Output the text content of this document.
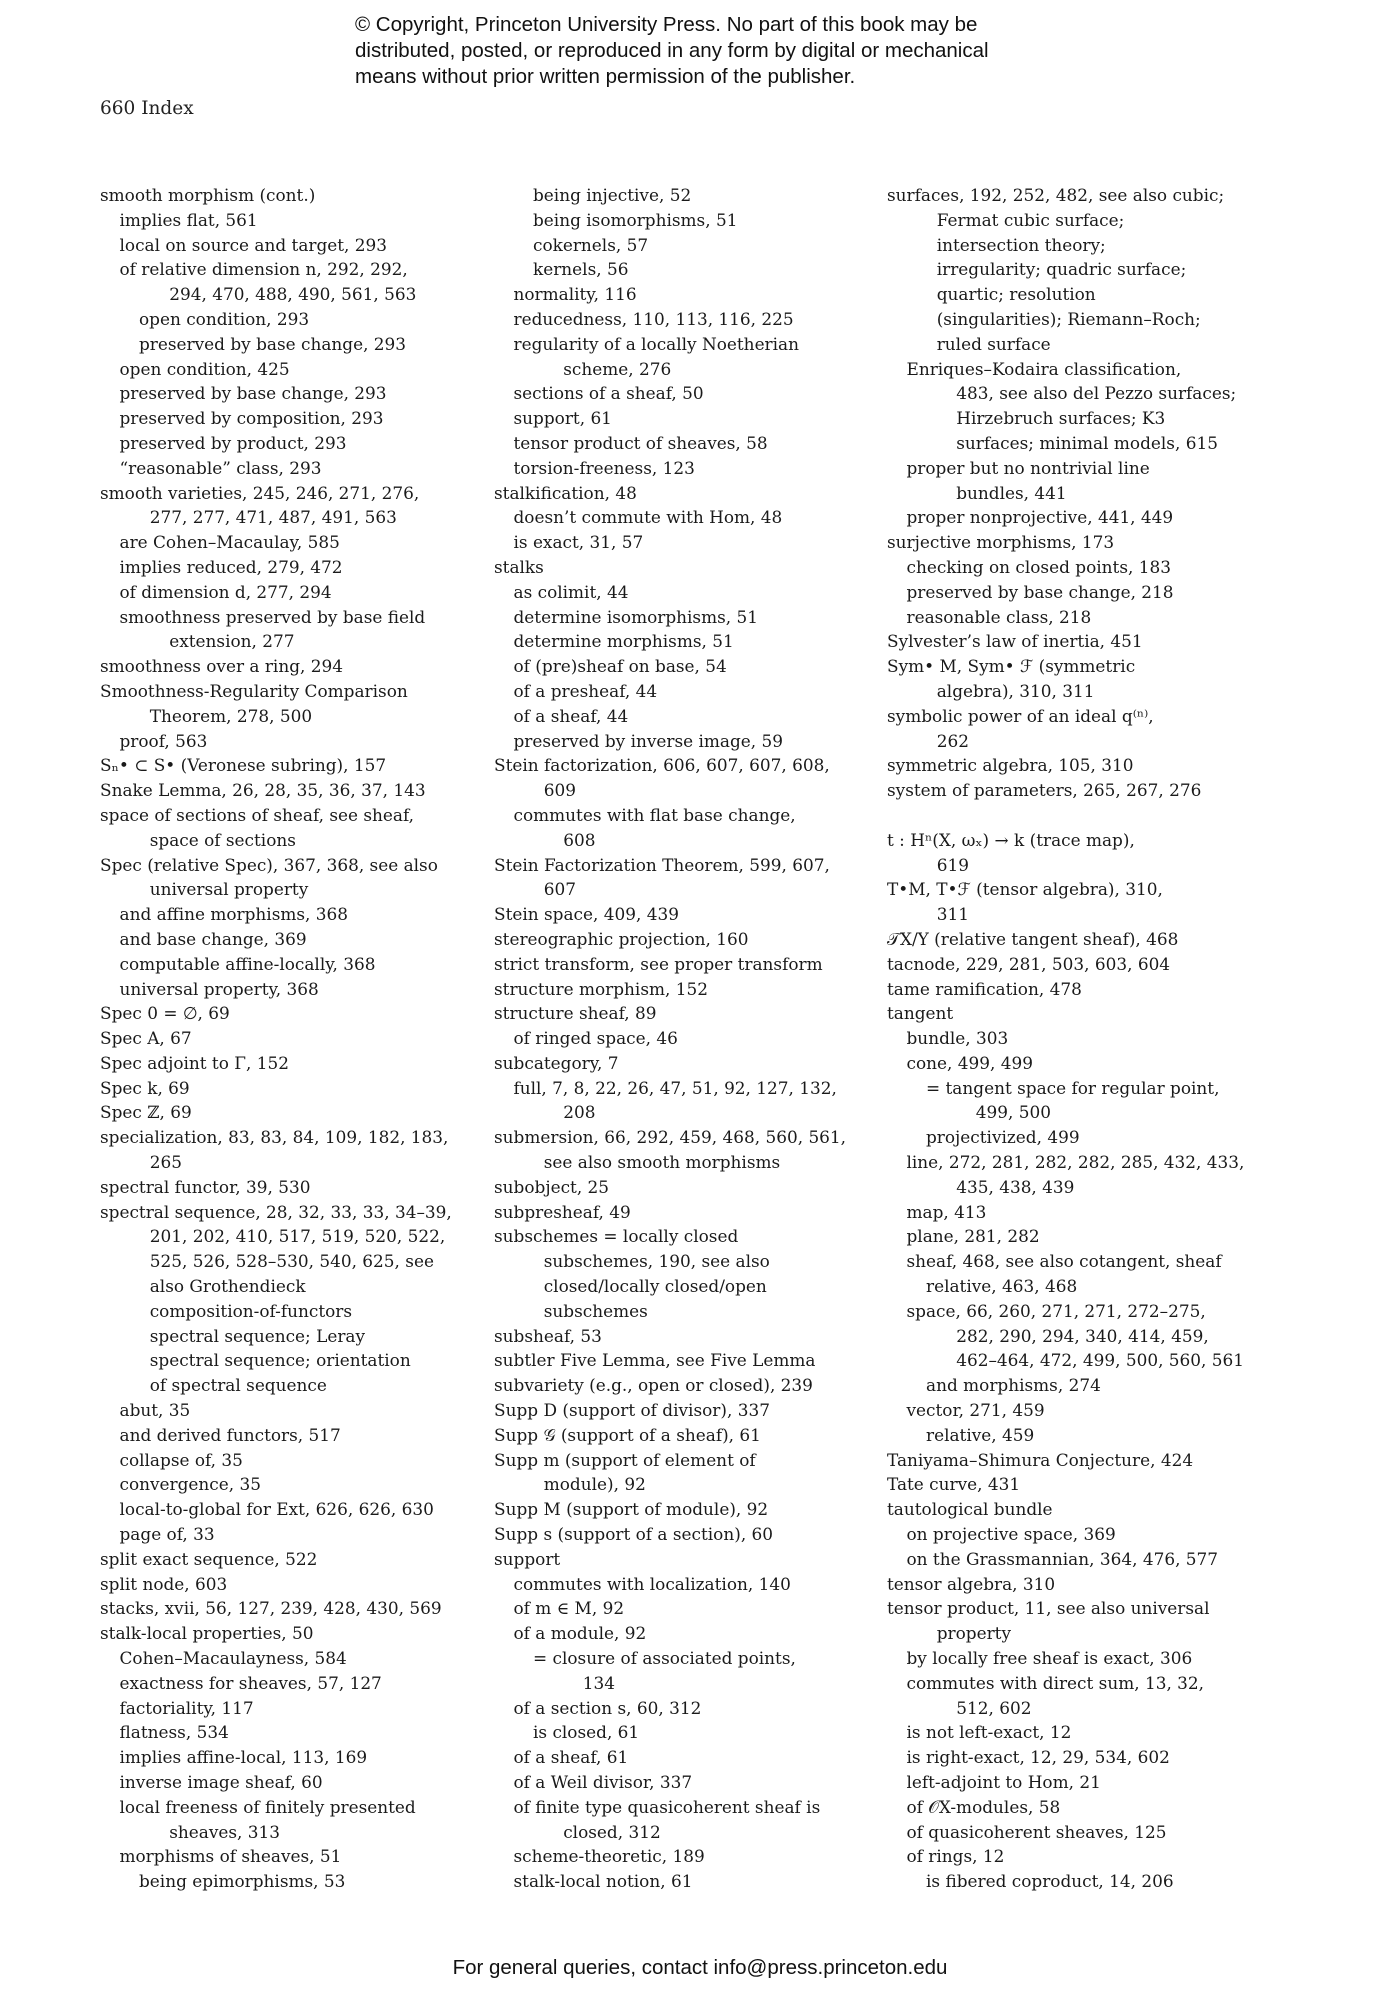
© Copyright, Princeton University Press. No part of this book may be
distributed, posted, or reproduced in any form by digital or mechanical
means without prior written permission of the publisher.
660 Index
smooth morphism (cont.)
implies flat, 561
local on source and target, 293
of relative dimension n, 292, 292,
294, 470, 488, 490, 561, 563
open condition, 293
preserved by base change, 293
open condition, 425
preserved by base change, 293
preserved by composition, 293
preserved by product, 293
“reasonable” class, 293
smooth varieties, 245, 246, 271, 276,
277, 277, 471, 487, 491, 563
are Cohen–Macaulay, 585
implies reduced, 279, 472
of dimension d, 277, 294
smoothness preserved by base field
extension, 277
smoothness over a ring, 294
Smoothness-Regularity Comparison
Theorem, 278, 500
proof, 563
Sₙ• ⊂ S• (Veronese subring), 157
Snake Lemma, 26, 28, 35, 36, 37, 143
space of sections of sheaf, see sheaf,
space of sections
Spec (relative Spec), 367, 368, see also
universal property
and affine morphisms, 368
and base change, 369
computable affine-locally, 368
universal property, 368
Spec 0 = ∅, 69
Spec A, 67
Spec adjoint to Γ, 152
Spec k, 69
Spec ℤ, 69
specialization, 83, 83, 84, 109, 182, 183,
265
spectral functor, 39, 530
spectral sequence, 28, 32, 33, 33, 34–39,
201, 202, 410, 517, 519, 520, 522,
525, 526, 528–530, 540, 625, see
also Grothendieck
composition-of-functors
spectral sequence; Leray
spectral sequence; orientation
of spectral sequence
abut, 35
and derived functors, 517
collapse of, 35
convergence, 35
local-to-global for Ext, 626, 626, 630
page of, 33
split exact sequence, 522
split node, 603
stacks, xvii, 56, 127, 239, 428, 430, 569
stalk-local properties, 50
Cohen–Macaulayness, 584
exactness for sheaves, 57, 127
factoriality, 117
flatness, 534
implies affine-local, 113, 169
inverse image sheaf, 60
local freeness of finitely presented
sheaves, 313
morphisms of sheaves, 51
being epimorphisms, 53
being injective, 52
being isomorphisms, 51
cokernels, 57
kernels, 56
normality, 116
reducedness, 110, 113, 116, 225
regularity of a locally Noetherian
scheme, 276
sections of a sheaf, 50
support, 61
tensor product of sheaves, 58
torsion-freeness, 123
stalkification, 48
doesn’t commute with Hom, 48
is exact, 31, 57
stalks
as colimit, 44
determine isomorphisms, 51
determine morphisms, 51
of (pre)sheaf on base, 54
of a presheaf, 44
of a sheaf, 44
preserved by inverse image, 59
Stein factorization, 606, 607, 607, 608,
609
commutes with flat base change,
608
Stein Factorization Theorem, 599, 607,
607
Stein space, 409, 439
stereographic projection, 160
strict transform, see proper transform
structure morphism, 152
structure sheaf, 89
of ringed space, 46
subcategory, 7
full, 7, 8, 22, 26, 47, 51, 92, 127, 132,
208
submersion, 66, 292, 459, 468, 560, 561,
see also smooth morphisms
subobject, 25
subpresheaf, 49
subschemes = locally closed
subschemes, 190, see also
closed/locally closed/open
subschemes
subsheaf, 53
subtler Five Lemma, see Five Lemma
subvariety (e.g., open or closed), 239
Supp D (support of divisor), 337
Supp 𝒢 (support of a sheaf), 61
Supp m (support of element of
module), 92
Supp M (support of module), 92
Supp s (support of a section), 60
support
commutes with localization, 140
of m ∈ M, 92
of a module, 92
= closure of associated points,
134
of a section s, 60, 312
is closed, 61
of a sheaf, 61
of a Weil divisor, 337
of finite type quasicoherent sheaf is
closed, 312
scheme-theoretic, 189
stalk-local notion, 61
surfaces, 192, 252, 482, see also cubic;
Fermat cubic surface;
intersection theory;
irregularity; quadric surface;
quartic; resolution
(singularities); Riemann–Roch;
ruled surface
Enriques–Kodaira classification,
483, see also del Pezzo surfaces;
Hirzebruch surfaces; K3
surfaces; minimal models, 615
proper but no nontrivial line
bundles, 441
proper nonprojective, 441, 449
surjective morphisms, 173
checking on closed points, 183
preserved by base change, 218
reasonable class, 218
Sylvester’s law of inertia, 451
Sym• M, Sym• ℱ (symmetric
algebra), 310, 311
symbolic power of an ideal q⁽ⁿ⁾,
262
symmetric algebra, 105, 310
system of parameters, 265, 267, 276
t : Hⁿ(X, ωₓ) → k (trace map),
619
T•M, T•ℱ (tensor algebra), 310,
311
𝒯X/Y (relative tangent sheaf), 468
tacnode, 229, 281, 503, 603, 604
tame ramification, 478
tangent
bundle, 303
cone, 499, 499
= tangent space for regular point,
499, 500
projectivized, 499
line, 272, 281, 282, 282, 285, 432, 433,
435, 438, 439
map, 413
plane, 281, 282
sheaf, 468, see also cotangent, sheaf
relative, 463, 468
space, 66, 260, 271, 271, 272–275,
282, 290, 294, 340, 414, 459,
462–464, 472, 499, 500, 560, 561
and morphisms, 274
vector, 271, 459
relative, 459
Taniyama–Shimura Conjecture, 424
Tate curve, 431
tautological bundle
on projective space, 369
on the Grassmannian, 364, 476, 577
tensor algebra, 310
tensor product, 11, see also universal
property
by locally free sheaf is exact, 306
commutes with direct sum, 13, 32,
512, 602
is not left-exact, 12
is right-exact, 12, 29, 534, 602
left-adjoint to Hom, 21
of 𝒪X-modules, 58
of quasicoherent sheaves, 125
of rings, 12
is fibered coproduct, 14, 206
For general queries, contact info@press.princeton.edu
